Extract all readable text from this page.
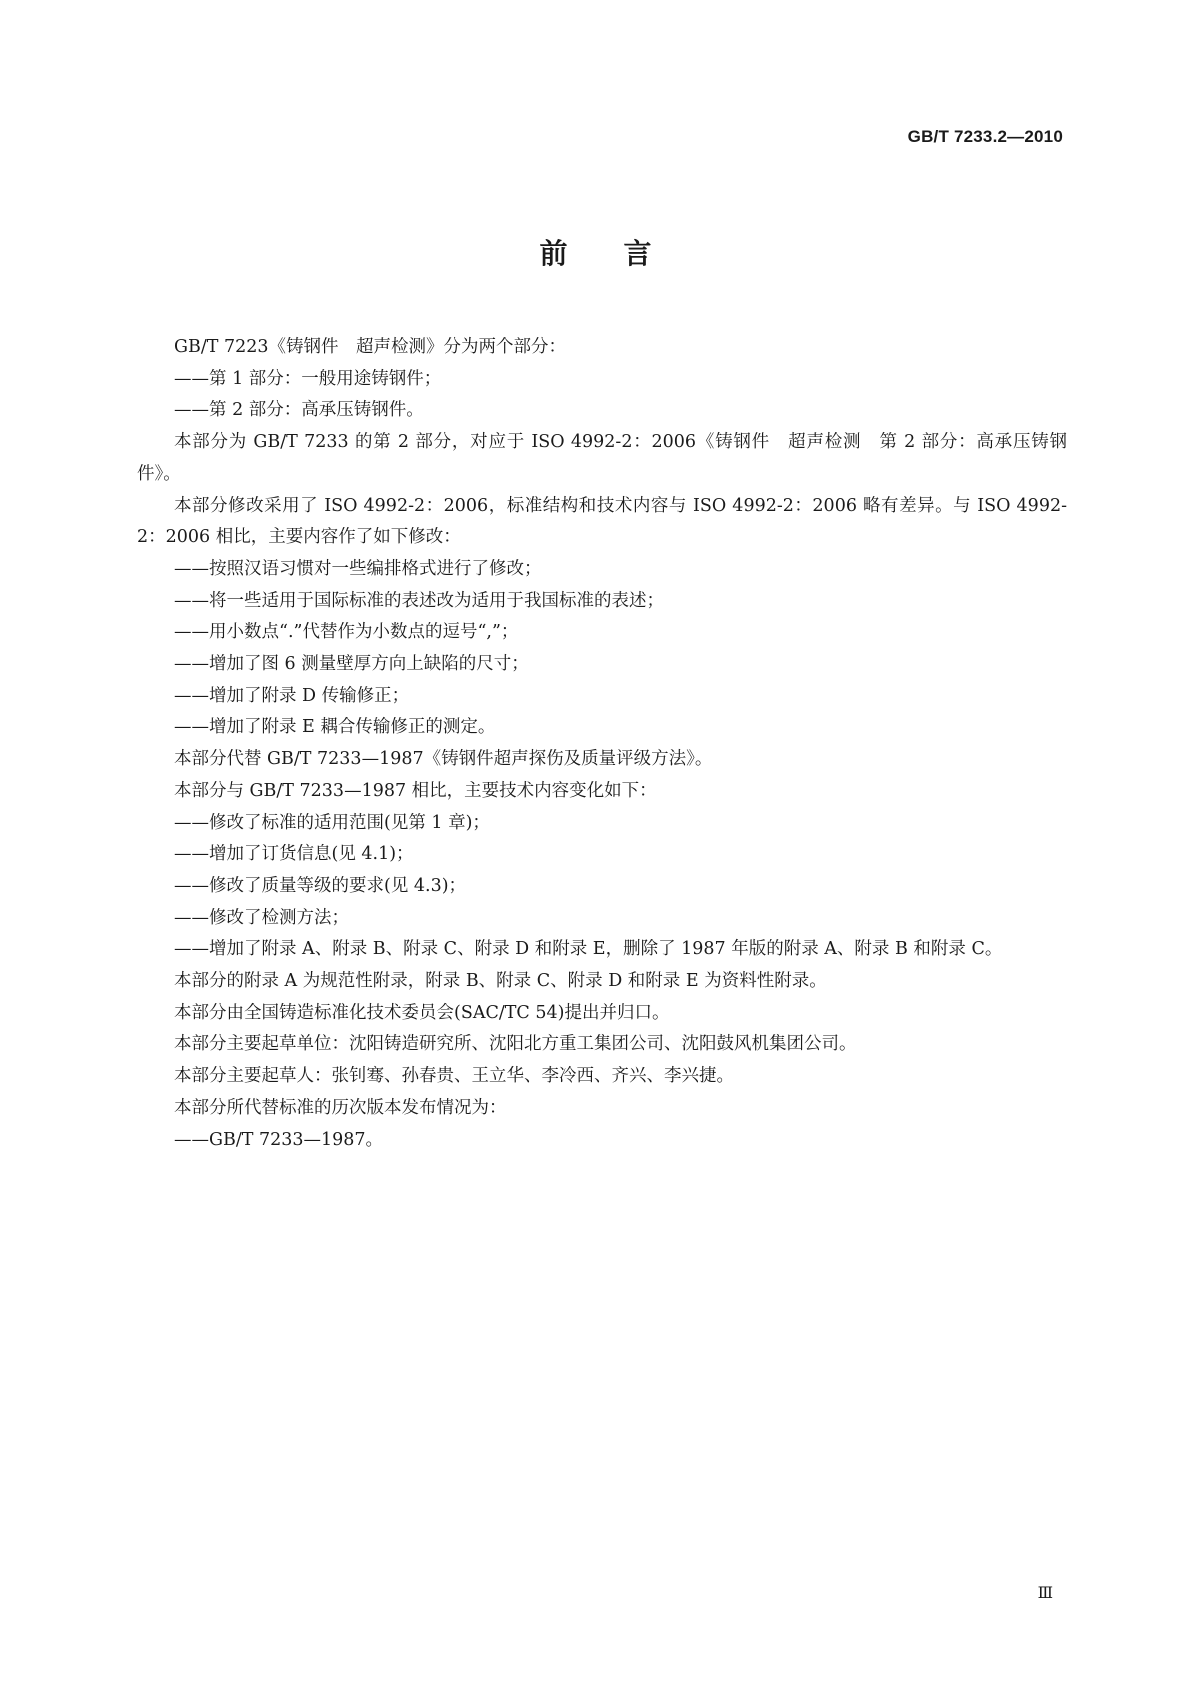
GB/T 7233.2—2010
前 言

GB/T 7223《铸钢件　超声检测》分为两个部分：

——第 1 部分：一般用途铸钢件；

——第 2 部分：高承压铸钢件。

本部分为 GB/T 7233 的第 2 部分，对应于 ISO 4992-2：2006《铸钢件　超声检测　第 2 部分：高承压铸钢件》。

本部分修改采用了 ISO 4992-2：2006，标准结构和技术内容与 ISO 4992-2：2006 略有差异。与 ISO 4992-2：2006 相比，主要内容作了如下修改：

——按照汉语习惯对一些编排格式进行了修改；

——将一些适用于国际标准的表述改为适用于我国标准的表述；

——用小数点“.”代替作为小数点的逗号“,”；

——增加了图 6 测量壁厚方向上缺陷的尺寸；

——增加了附录 D 传输修正；

——增加了附录 E 耦合传输修正的测定。

本部分代替 GB/T 7233—1987《铸钢件超声探伤及质量评级方法》。

本部分与 GB/T 7233—1987 相比，主要技术内容变化如下：

——修改了标准的适用范围(见第 1 章)；

——增加了订货信息(见 4.1)；

——修改了质量等级的要求(见 4.3)；

——修改了检测方法；

——增加了附录 A、附录 B、附录 C、附录 D 和附录 E，删除了 1987 年版的附录 A、附录 B 和附录 C。

本部分的附录 A 为规范性附录，附录 B、附录 C、附录 D 和附录 E 为资料性附录。

本部分由全国铸造标准化技术委员会(SAC/TC 54)提出并归口。

本部分主要起草单位：沈阳铸造研究所、沈阳北方重工集团公司、沈阳鼓风机集团公司。

本部分主要起草人：张钊骞、孙春贵、王立华、李冷西、齐兴、李兴捷。

本部分所代替标准的历次版本发布情况为：

——GB/T 7233—1987。

Ⅲ
